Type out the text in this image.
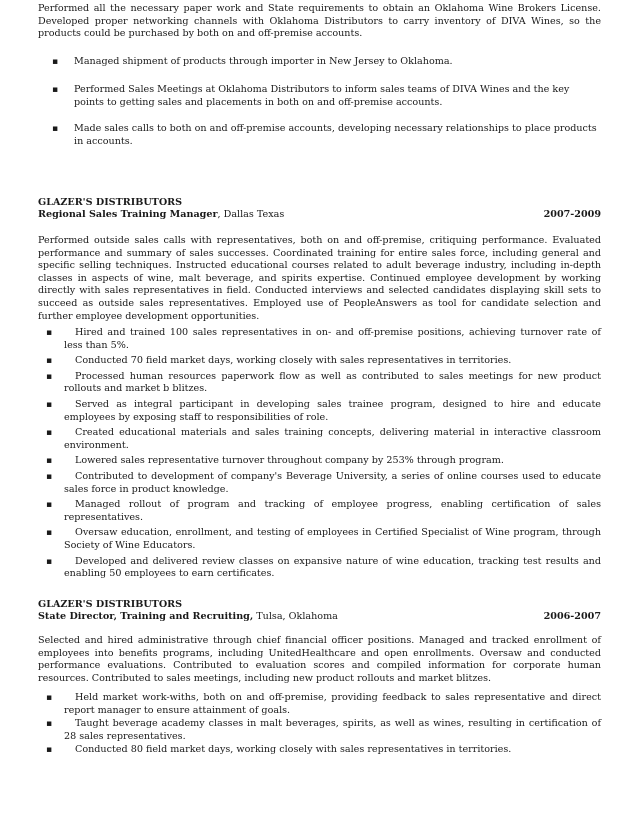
Performed all the necessary paper work and State requirements to obtain an Oklahoma Wine Brokers License. Developed proper networking channels with Oklahoma Distributors to carry inventory of DIVA Wines, so the products could be purchased by both on and off-premise accounts.

▪ Managed shipment of products through importer in New Jersey to Oklahoma.
▪ Performed Sales Meetings at Oklahoma Distributors to inform sales teams of DIVA Wines and the key points to getting sales and placements in both on and off-premise accounts.
▪ Made sales calls to both on and off-premise accounts, developing necessary relationships to place products in accounts.
GLAZER'S DISTRIBUTORS
Regional Sales Training Manager, Dallas Texas	2007-2009

Performed outside sales calls with representatives, both on and off-premise, critiquing performance. Evaluated performance and summary of sales successes. Coordinated training for entire sales force, including general and specific selling techniques. Instructed educational courses related to adult beverage industry, including in-depth classes in aspects of wine, malt beverage, and spirits expertise. Continued employee development by working directly with sales representatives in field. Conducted interviews and selected candidates displaying skill sets to succeed as outside sales representatives. Employed use of PeopleAnswers as tool for candidate selection and further employee development opportunities.

▪ Hired and trained 100 sales representatives in on- and off-premise positions, achieving turnover rate of less than 5%.
▪ Conducted 70 field market days, working closely with sales representatives in territories.
▪ Processed human resources paperwork flow as well as contributed to sales meetings for new product rollouts and market b blitzes.
▪ Served as integral participant in developing sales trainee program, designed to hire and educate employees by exposing staff to responsibilities of role.
▪ Created educational materials and sales training concepts, delivering material in interactive classroom environment.
▪ Lowered sales representative turnover throughout company by 253% through program.
▪ Contributed to development of company's Beverage University, a series of online courses used to educate sales force in product knowledge.
▪ Managed rollout of program and tracking of employee progress, enabling certification of sales representatives.
▪ Oversaw education, enrollment, and testing of employees in Certified Specialist of Wine program, through Society of Wine Educators.
▪ Developed and delivered review classes on expansive nature of wine education, tracking test results and enabling 50 employees to earn certificates.
GLAZER'S DISTRIBUTORS
State Director, Training and Recruiting, Tulsa, Oklahoma	2006-2007

Selected and hired administrative through chief financial officer positions. Managed and tracked enrollment of employees into benefits programs, including UnitedHealthcare and open enrollments. Oversaw and conducted performance evaluations. Contributed to evaluation scores and compiled information for corporate human resources. Contributed to sales meetings, including new product rollouts and market blitzes.

▪ Held market work-withs, both on and off-premise, providing feedback to sales representative and direct report manager to ensure attainment of goals.
▪ Taught beverage academy classes in malt beverages, spirits, as well as wines, resulting in certification of 28 sales representatives.
▪ Conducted 80 field market days, working closely with sales representatives in territories.
